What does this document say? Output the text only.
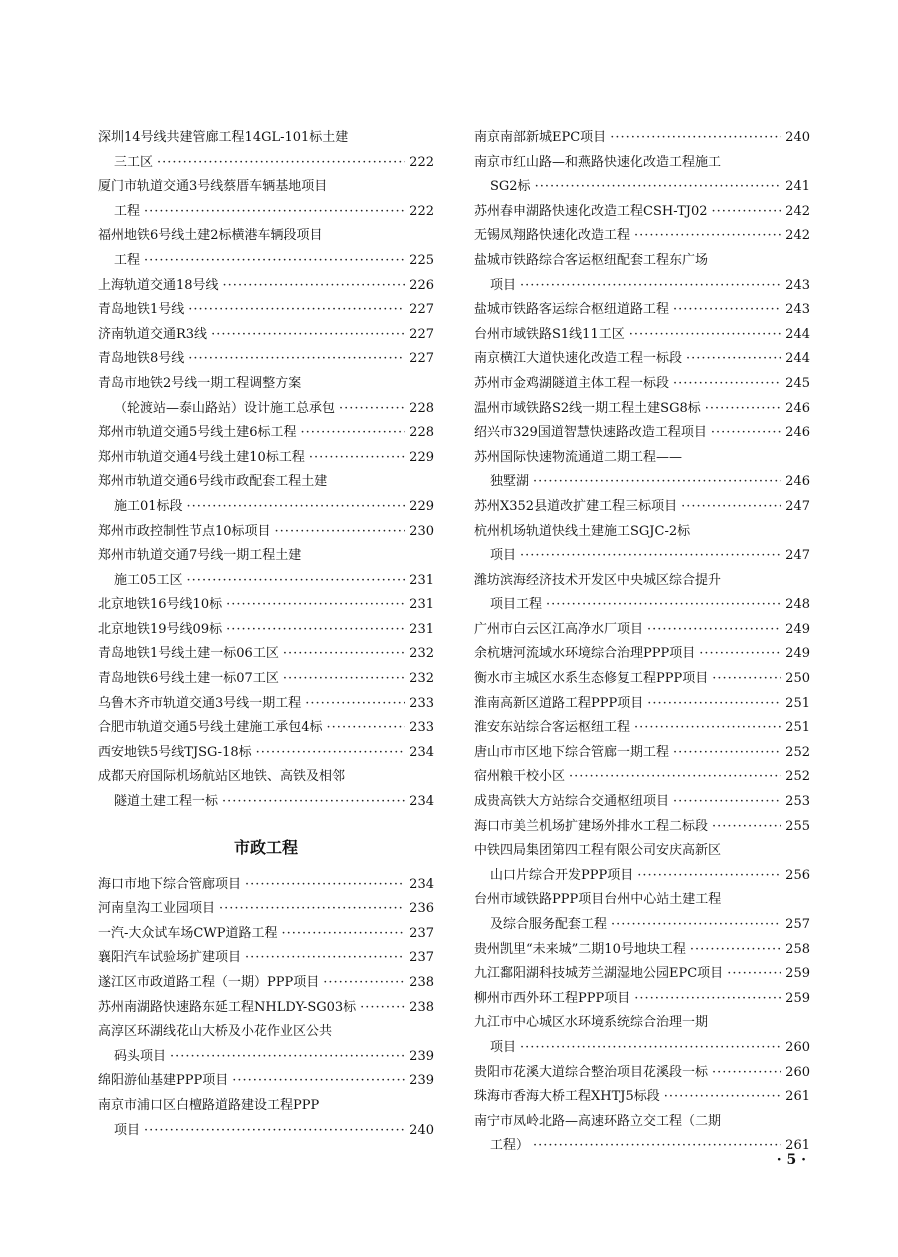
深圳14号线共建管廊工程14GL-101标土建
三工区 ·····	222
厦门市轨道交通3号线蔡厝车辆基地项目
工程 ·····	222
福州地铁6号线土建2标横港车辆段项目
工程 ·····	225
上海轨道交通18号线 ·····	226
青岛地铁1号线 ·····	227
济南轨道交通R3线 ·····	227
青岛地铁8号线 ·····	227
青岛市地铁2号线一期工程调整方案
（轮渡站—泰山路站）设计施工总承包 ·····	228
郑州市轨道交通5号线土建6标工程 ·····	228
郑州市轨道交通4号线土建10标工程 ·····	229
郑州市轨道交通6号线市政配套工程土建
施工01标段 ·····	229
郑州市政控制性节点10标项目 ·····	230
郑州市轨道交通7号线一期工程土建
施工05工区 ·····	231
北京地铁16号线10标 ·····	231
北京地铁19号线09标 ·····	231
青岛地铁1号线土建一标06工区 ·····	232
青岛地铁6号线土建一标07工区 ·····	232
乌鲁木齐市轨道交通3号线一期工程 ·····	233
合肥市轨道交通5号线土建施工承包4标 ·····	233
西安地铁5号线TJSG-18标 ·····	234
成都天府国际机场航站区地铁、高铁及相邻
隧道土建工程一标 ·····	234
市政工程
海口市地下综合管廊项目 ·····	234
河南皇沟工业园项目 ·····	236
一汽-大众试车场CWP道路工程 ·····	237
襄阳汽车试验场扩建项目 ·····	237
遂江区市政道路工程（一期）PPP项目 ·····	238
苏州南湖路快速路东延工程NHLDY-SG03标 ·····	238
高淳区环湖线花山大桥及小花作业区公共
码头项目 ·····	239
绵阳游仙基建PPP项目 ·····	239
南京市浦口区白檀路道路建设工程PPP
项目 ·····	240
南京南部新城EPC项目 ·····	240
南京市红山路—和燕路快速化改造工程施工
SG2标 ·····	241
苏州春申湖路快速化改造工程CSH-TJ02 ·····	242
无锡凤翔路快速化改造工程 ·····	242
盐城市铁路综合客运枢纽配套工程东广场
项目 ·····	243
盐城市铁路客运综合枢纽道路工程 ·····	243
台州市域铁路S1线11工区 ·····	244
南京横江大道快速化改造工程一标段 ·····	244
苏州市金鸡湖隧道主体工程一标段 ·····	245
温州市域铁路S2线一期工程土建SG8标 ·····	246
绍兴市329国道智慧快速路改造工程项目 ·····	246
苏州国际快速物流通道二期工程——
独墅湖 ·····	246
苏州X352县道改扩建工程三标项目 ·····	247
杭州机场轨道快线土建施工SGJC-2标
项目 ·····	247
潍坊滨海经济技术开发区中央城区综合提升
项目工程 ·····	248
广州市白云区江高净水厂项目 ·····	249
余杭塘河流域水环境综合治理PPP项目 ·····	249
衡水市主城区水系生态修复工程PPP项目 ·····	250
淮南高新区道路工程PPP项目 ·····	251
淮安东站综合客运枢纽工程 ·····	251
唐山市市区地下综合管廊一期工程 ·····	252
宿州粮干校小区 ·····	252
成贵高铁大方站综合交通枢纽项目 ·····	253
海口市美兰机场扩建场外排水工程二标段 ·····	255
中铁四局集团第四工程有限公司安庆高新区
山口片综合开发PPP项目 ·····	256
台州市域铁路PPP项目台州中心站土建工程
及综合服务配套工程 ·····	257
贵州凯里“未来城”二期10号地块工程 ·····	258
九江鄱阳湖科技城芳兰湖湿地公园EPC项目 ·····	259
柳州市西外环工程PPP项目 ·····	259
九江市中心城区水环境系统综合治理一期
项目 ·····	260
贵阳市花溪大道综合整治项目花溪段一标 ·····	260
珠海市香海大桥工程XHTJ5标段 ·····	261
南宁市凤岭北路—高速环路立交工程（二期
工程） ·····	261
· 5 ·
